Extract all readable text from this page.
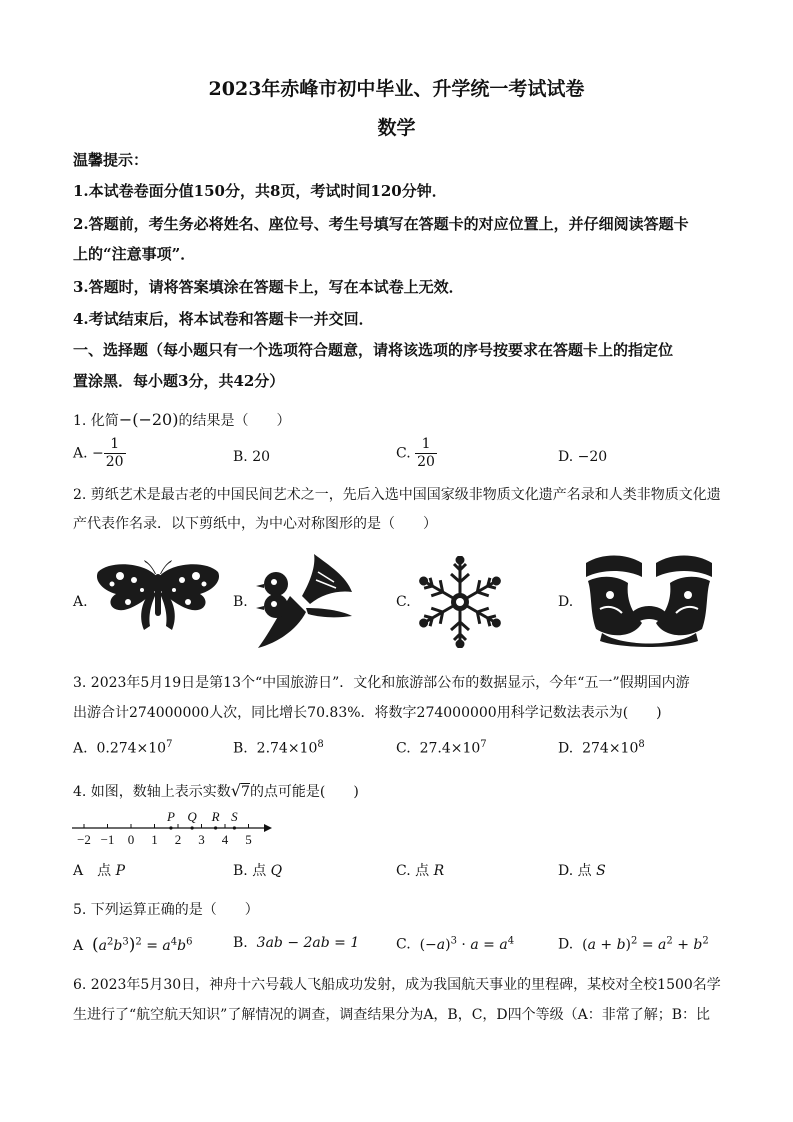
2023年赤峰市初中毕业、升学统一考试试卷
数学
温馨提示：
1.本试卷卷面分值150分，共8页，考试时间120分钟．
2.答题前，考生务必将姓名、座位号、考生号填写在答题卡的对应位置上，并仔细阅读答题卡
上的“注意事项”．
3.答题时，请将答案填涂在答题卡上，写在本试卷上无效．
4.考试结束后，将本试卷和答题卡一并交回．
一、选择题（每小题只有一个选项符合题意，请将该选项的序号按要求在答题卡上的指定位
置涂黑．每小题3分，共42分）
1. 化简−(−20)的结果是（　　）
A. − $\frac{1}{20}$	B. 20	C. $\frac{1}{20}$	D. −20
2. 剪纸艺术是最古老的中国民间艺术之一，先后入选中国国家级非物质文化遗产名录和人类非物质文化遗
产代表作名录．以下剪纸中，为中心对称图形的是（　　）
A.	B.	C.	D.
3. 2023年5月19日是第13个“中国旅游日”．文化和旅游部公布的数据显示，今年“五一”假期国内游
出游合计274000000人次，同比增长70.83%．将数字274000000用科学记数法表示为(　　)
A. $0.274\times 10^7$	B. $2.74\times 10^8$	C. $27.4\times 10^7$	D. $274\times 10^8$
4. 如图，数轴上表示实数√7的点可能是(　　)
−2 −1 0 1 2 3 4 5
P Q R S
A　点 P	B. 点 Q	C. 点 R	D. 点 S
5. 下列运算正确的是（　　）
A $(a^2b^3)^2 = a^4b^6$	B. 3ab − 2ab = 1	C. $(-a)^3 \cdot a = a^4$	D. $(a + b)^2 = a^2 + b^2$
6. 2023年5月30日，神舟十六号载人飞船成功发射，成为我国航天事业的里程碑，某校对全校1500名学
生进行了“航空航天知识”了解情况的调查，调查结果分为A，B，C，D四个等级（A：非常了解；B：比
